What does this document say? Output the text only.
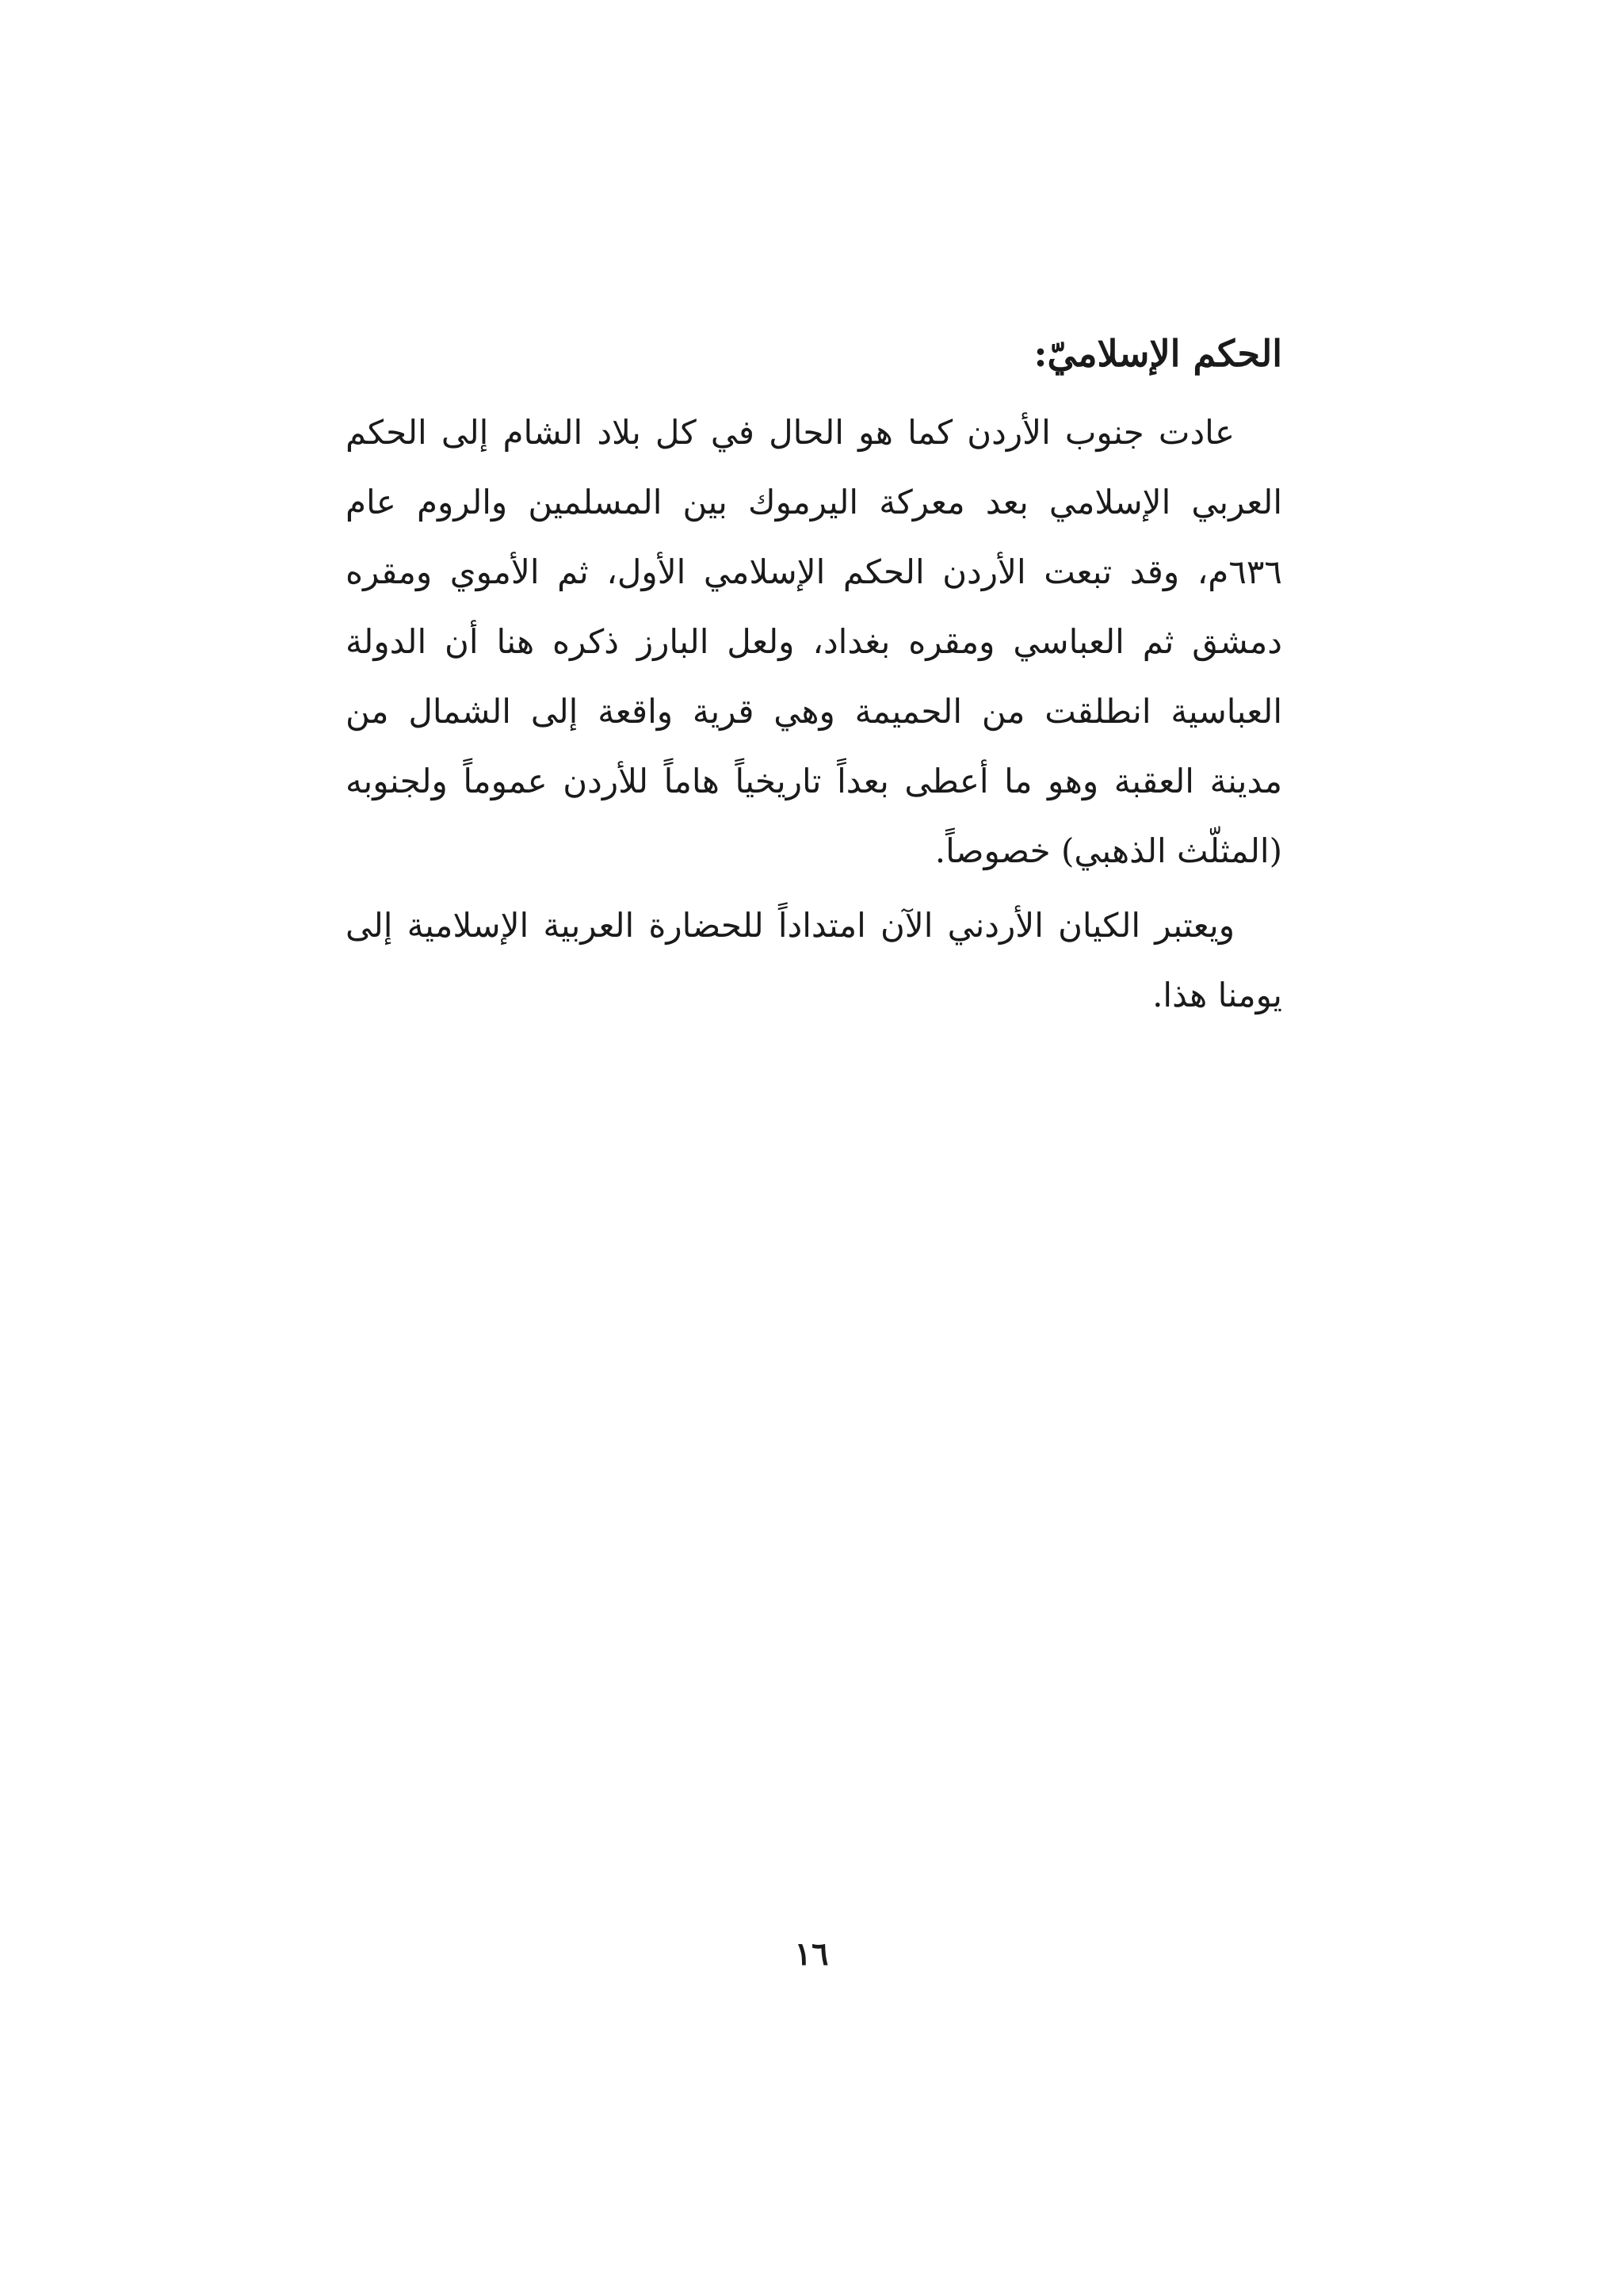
الحكم الإسلاميّ:

عادت جنوب الأردن كما هو الحال في كل بلاد الشام إلى الحكم العربي الإسلامي بعد معركة اليرموك بين المسلمين والروم عام ٦٣٦م، وقد تبعت الأردن الحكم الإسلامي الأول، ثم الأموي ومقره دمشق ثم العباسي ومقره بغداد، ولعل البارز ذكره هنا أن الدولة العباسية انطلقت من الحميمة وهي قرية واقعة إلى الشمال من مدينة العقبة وهو ما أعطى بعداً تاريخياً هاماً للأردن عموماً ولجنوبه (المثلّث الذهبي) خصوصاً.

ويعتبر الكيان الأردني الآن امتداداً للحضارة العربية الإسلامية إلى يومنا هذا.

١٦
